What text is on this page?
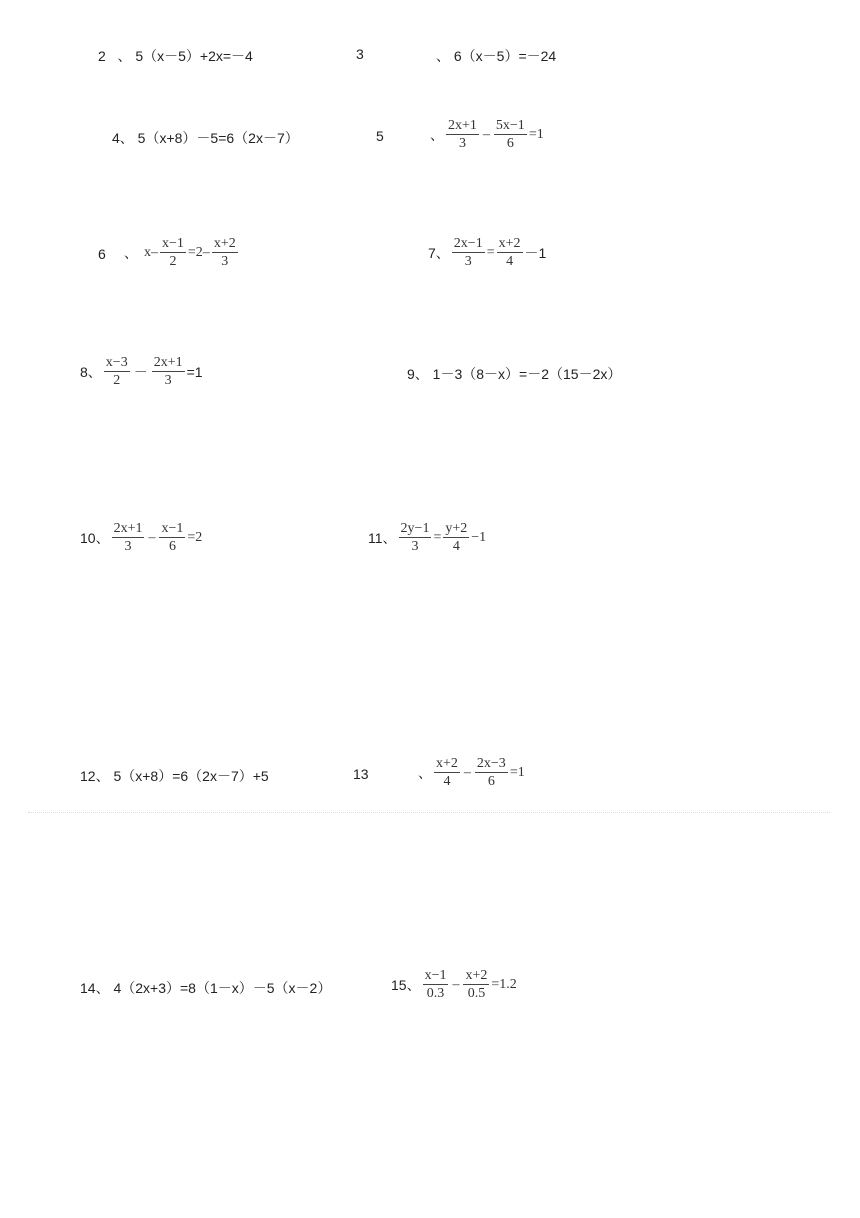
2   、 5（x－5）+2x=－4	3	、 6（x－5）=－24
4、 5（x+8）－5=6（2x－7）	5	、 $\frac{2x+1}{3} - \frac{5x-1}{6} =1$
6 、 $x- \frac{x-1}{2} =2- \frac{x+2}{3}$	7、 $\frac{2x-1}{3} = \frac{x+2}{4} -1$
8、 $\frac{x-3}{2} - \frac{2x+1}{3} =1$	9、 1－3（8－x）=－2（15－2x）
10、 $\frac{2x+1}{3} - \frac{x-1}{6} =2$	11、 $\frac{2y-1}{3} = \frac{y+2}{4} -1$
12、 5（x+8）=6（2x－7）+5	13	、 $\frac{x+2}{4} - \frac{2x-3}{6} =1$
14、 4（2x+3）=8（1－x）－5（x－2）	15、 $\frac{x-1}{0.3} - \frac{x+2}{0.5} =1.2$
